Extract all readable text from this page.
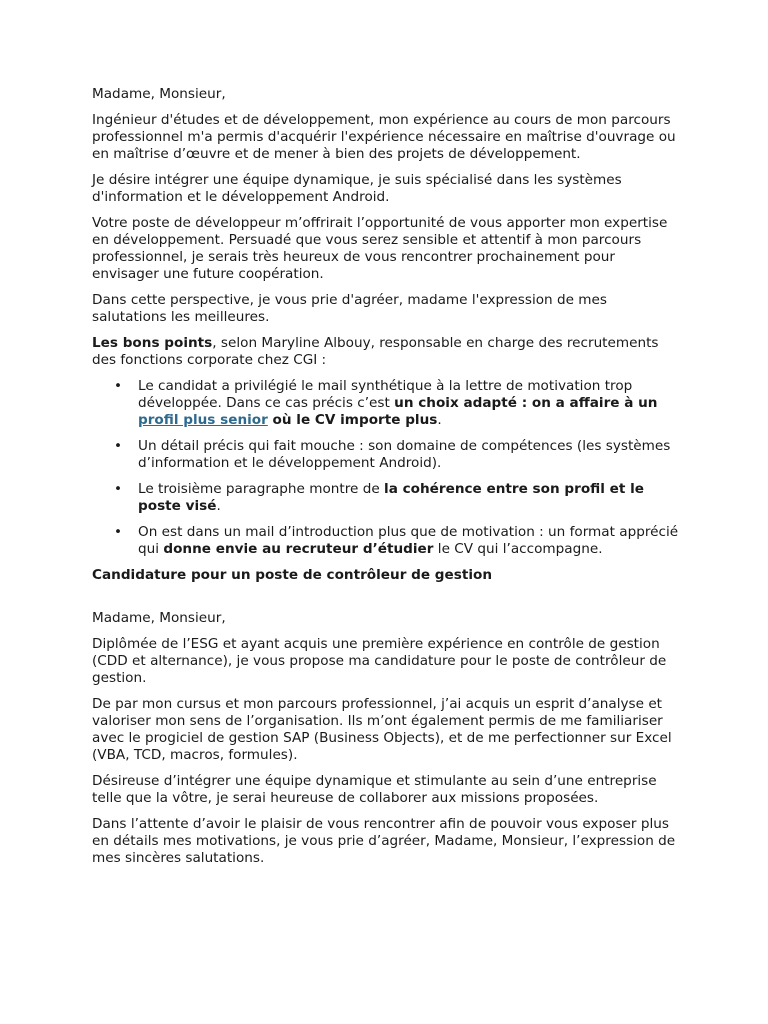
Madame, Monsieur,

Ingénieur d'études et de développement, mon expérience au cours de mon parcours professionnel m'a permis d'acquérir l'expérience nécessaire en maîtrise d'ouvrage ou en maîtrise d’œuvre et de mener à bien des projets de développement.

Je désire intégrer une équipe dynamique, je suis spécialisé dans les systèmes d'information et le développement Android.

Votre poste de développeur m’offrirait l’opportunité de vous apporter mon expertise en développement. Persuadé que vous serez sensible et attentif à mon parcours professionnel, je serais très heureux de vous rencontrer prochainement pour envisager une future coopération.

Dans cette perspective, je vous prie d'agréer, madame l'expression de mes salutations les meilleures.

Les bons points, selon Maryline Albouy, responsable en charge des recrutements des fonctions corporate chez CGI :

• Le candidat a privilégié le mail synthétique à la lettre de motivation trop développée. Dans ce cas précis c’est un choix adapté : on a affaire à un profil plus senior où le CV importe plus.
• Un détail précis qui fait mouche : son domaine de compétences (les systèmes d’information et le développement Android).
• Le troisième paragraphe montre de la cohérence entre son profil et le poste visé.
• On est dans un mail d’introduction plus que de motivation : un format apprécié qui donne envie au recruteur d’étudier le CV qui l’accompagne.

Candidature pour un poste de contrôleur de gestion

Madame, Monsieur,

Diplômée de l’ESG et ayant acquis une première expérience en contrôle de gestion (CDD et alternance), je vous propose ma candidature pour le poste de contrôleur de gestion.

De par mon cursus et mon parcours professionnel, j’ai acquis un esprit d’analyse et valoriser mon sens de l’organisation. Ils m’ont également permis de me familiariser avec le progiciel de gestion SAP (Business Objects), et de me perfectionner sur Excel (VBA, TCD, macros, formules).

Désireuse d’intégrer une équipe dynamique et stimulante au sein d’une entreprise telle que la vôtre, je serai heureuse de collaborer aux missions proposées.

Dans l’attente d’avoir le plaisir de vous rencontrer afin de pouvoir vous exposer plus en détails mes motivations, je vous prie d’agréer, Madame, Monsieur, l’expression de mes sincères salutations.
